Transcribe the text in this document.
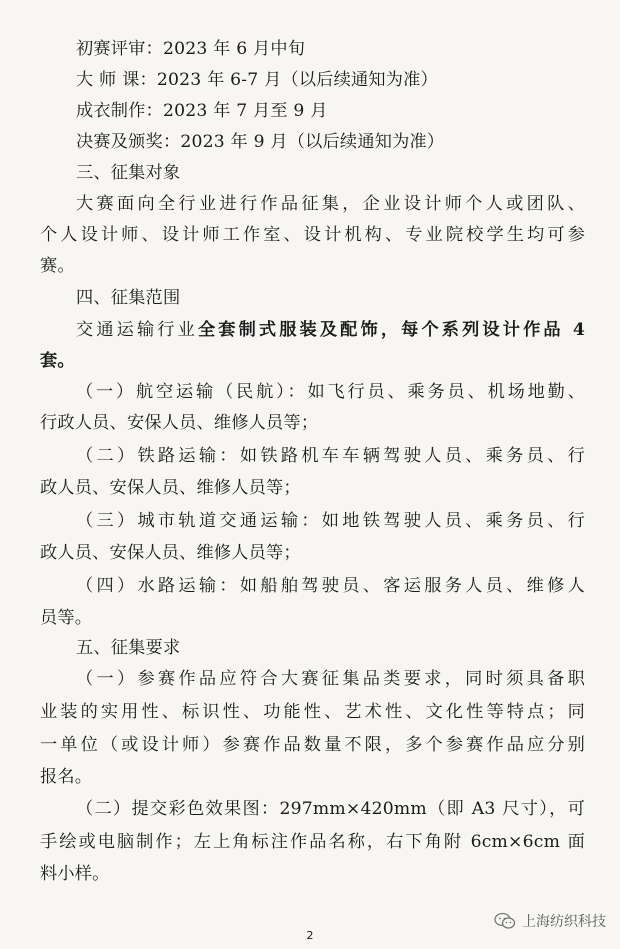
初赛评审：2023 年 6 月中旬
大 师 课：2023 年 6-7 月（以后续通知为准）
成衣制作：2023 年 7 月至 9 月
决赛及颁奖：2023 年 9 月（以后续通知为准）
三、征集对象
大赛面向全行业进行作品征集，企业设计师个人或团队、
个人设计师、设计师工作室、设计机构、专业院校学生均可参
赛。
四、征集范围
交通运输行业全套制式服装及配饰，每个系列设计作品 4
套。
（一）航空运输（民航）：如飞行员、乘务员、机场地勤、
行政人员、安保人员、维修人员等；
（二）铁路运输：如铁路机车车辆驾驶人员、乘务员、行
政人员、安保人员、维修人员等；
（三）城市轨道交通运输：如地铁驾驶人员、乘务员、行
政人员、安保人员、维修人员等；
（四）水路运输：如船舶驾驶员、客运服务人员、维修人
员等。
五、征集要求
（一）参赛作品应符合大赛征集品类要求，同时须具备职
业装的实用性、标识性、功能性、艺术性、文化性等特点；同
一单位（或设计师）参赛作品数量不限，多个参赛作品应分别
报名。
（二）提交彩色效果图：297mm×420mm（即 A3 尺寸），可
手绘或电脑制作；左上角标注作品名称，右下角附 6cm×6cm 面
料小样。
2
上海纺织科技
